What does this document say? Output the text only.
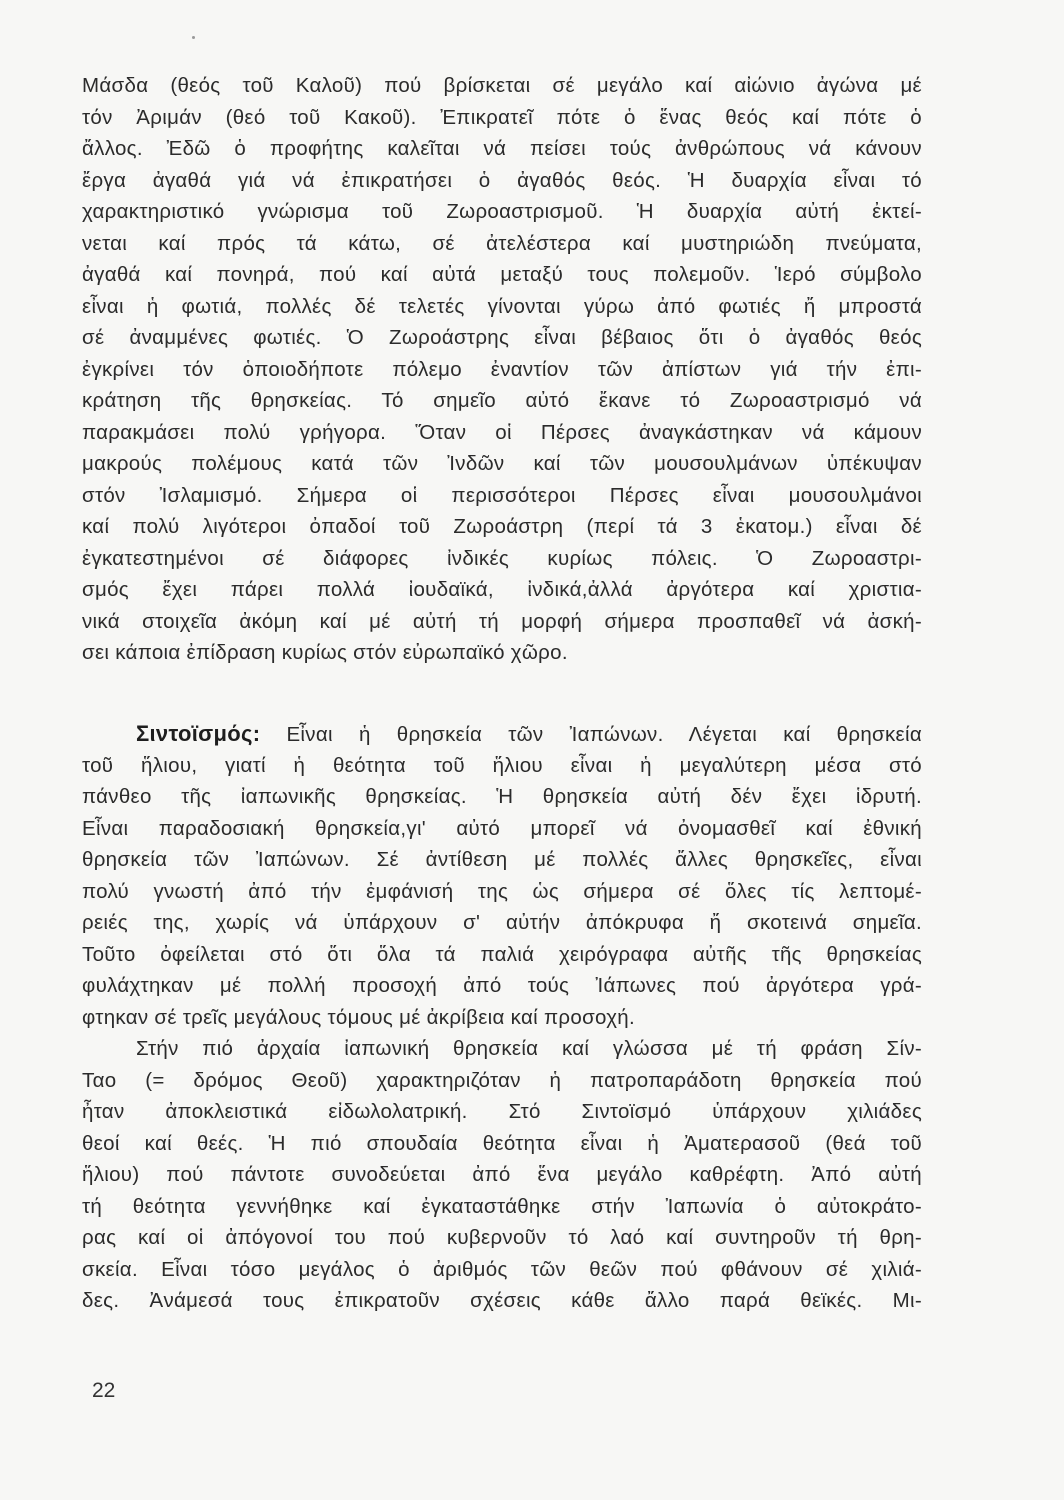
Μάσδα (θεός τοῦ Καλοῦ) πού βρίσκεται σέ μεγάλο καί αἰώνιο ἀγώνα μέ
τόν Ἀριμάν (θεό τοῦ Κακοῦ). Ἐπικρατεῖ πότε ὁ ἕνας θεός καί πότε ὁ
ἄλλος. Ἐδῶ ὁ προφήτης καλεῖται νά πείσει τούς ἀνθρώπους νά κάνουν
ἔργα ἀγαθά γιά νά ἐπικρατήσει ὁ ἀγαθός θεός. Ἡ δυαρχία εἶναι τό
χαρακτηριστικό γνώρισμα τοῦ Ζωροαστρισμοῦ. Ἡ δυαρχία αὐτή ἐκτεί-
νεται καί πρός τά κάτω, σέ ἀτελέστερα καί μυστηριώδη πνεύματα,
ἀγαθά καί πονηρά, πού καί αὐτά μεταξύ τους πολεμοῦν. Ἱερό σύμβολο
εἶναι ἡ φωτιά, πολλές δέ τελετές γίνονται γύρω ἀπό φωτιές ἤ μπροστά
σέ ἀναμμένες φωτιές. Ὁ Ζωροάστρης εἶναι βέβαιος ὅτι ὁ ἀγαθός θεός
ἐγκρίνει τόν ὁποιοδήποτε πόλεμο ἐναντίον τῶν ἀπίστων γιά τήν ἐπι-
κράτηση τῆς θρησκείας. Τό σημεῖο αὐτό ἔκανε τό Ζωροαστρισμό νά
παρακμάσει πολύ γρήγορα. Ὅταν οἱ Πέρσες ἀναγκάστηκαν νά κάμουν
μακρούς πολέμους κατά τῶν Ἰνδῶν καί τῶν μουσουλμάνων ὑπέκυψαν
στόν Ἰσλαμισμό. Σήμερα οἱ περισσότεροι Πέρσες εἶναι μουσουλμάνοι
καί πολύ λιγότεροι ὀπαδοί τοῦ Ζωροάστρη (περί τά 3 ἑκατομ.) εἶναι δέ
ἐγκατεστημένοι σέ διάφορες ἰνδικές κυρίως πόλεις. Ὁ Ζωροαστρι-
σμός ἔχει πάρει πολλά ἰουδαϊκά, ἰνδικά,ἀλλά ἀργότερα καί χριστια-
νικά στοιχεῖα ἀκόμη καί μέ αὐτή τή μορφή σήμερα προσπαθεῖ νά ἀσκή-
σει κάποια ἐπίδραση κυρίως στόν εὐρωπαϊκό χῶρο.
Σιντοϊσμός: Εἶναι ἡ θρησκεία τῶν Ἰαπώνων. Λέγεται καί θρησκεία
τοῦ ἥλιου, γιατί ἡ θεότητα τοῦ ἥλιου εἶναι ἡ μεγαλύτερη μέσα στό
πάνθεο τῆς ἰαπωνικῆς θρησκείας. Ἡ θρησκεία αὐτή δέν ἔχει ἱδρυτή.
Εἶναι παραδοσιακή θρησκεία,γι' αὐτό μπορεῖ νά ὀνομασθεῖ καί ἐθνική
θρησκεία τῶν Ἰαπώνων. Σέ ἀντίθεση μέ πολλές ἄλλες θρησκεῖες, εἶναι
πολύ γνωστή ἀπό τήν ἐμφάνισή της ὡς σήμερα σέ ὅλες τίς λεπτομέ-
ρειές της, χωρίς νά ὑπάρχουν σ' αὐτήν ἀπόκρυφα ἤ σκοτεινά σημεῖα.
Τοῦτο ὀφείλεται στό ὅτι ὅλα τά παλιά χειρόγραφα αὐτῆς τῆς θρησκείας
φυλάχτηκαν μέ πολλή προσοχή ἀπό τούς Ἰάπωνες πού ἀργότερα γρά-
φτηκαν σέ τρεῖς μεγάλους τόμους μέ ἀκρίβεια καί προσοχή.
Στήν πιό ἀρχαία ἰαπωνική θρησκεία καί γλώσσα μέ τή φράση Σίν-
Ταο (= δρόμος Θεοῦ) χαρακτηριζόταν ἡ πατροπαράδοτη θρησκεία πού
ἦταν ἀποκλειστικά εἰδωλολατρική. Στό Σιντοϊσμό ὑπάρχουν χιλιάδες
θεοί καί θεές. Ἡ πιό σπουδαία θεότητα εἶναι ἡ Ἀματερασοῦ (θεά τοῦ
ἥλιου) πού πάντοτε συνοδεύεται ἀπό ἕνα μεγάλο καθρέφτη. Ἀπό αὐτή
τή θεότητα γεννήθηκε καί ἐγκαταστάθηκε στήν Ἰαπωνία ὁ αὐτοκράτο-
ρας καί οἱ ἀπόγονοί του πού κυβερνοῦν τό λαό καί συντηροῦν τή θρη-
σκεία. Εἶναι τόσο μεγάλος ὁ ἀριθμός τῶν θεῶν πού φθάνουν σέ χιλιά-
δες. Ἀνάμεσά τους ἐπικρατοῦν σχέσεις κάθε ἄλλο παρά θεϊκές. Μι-
22
